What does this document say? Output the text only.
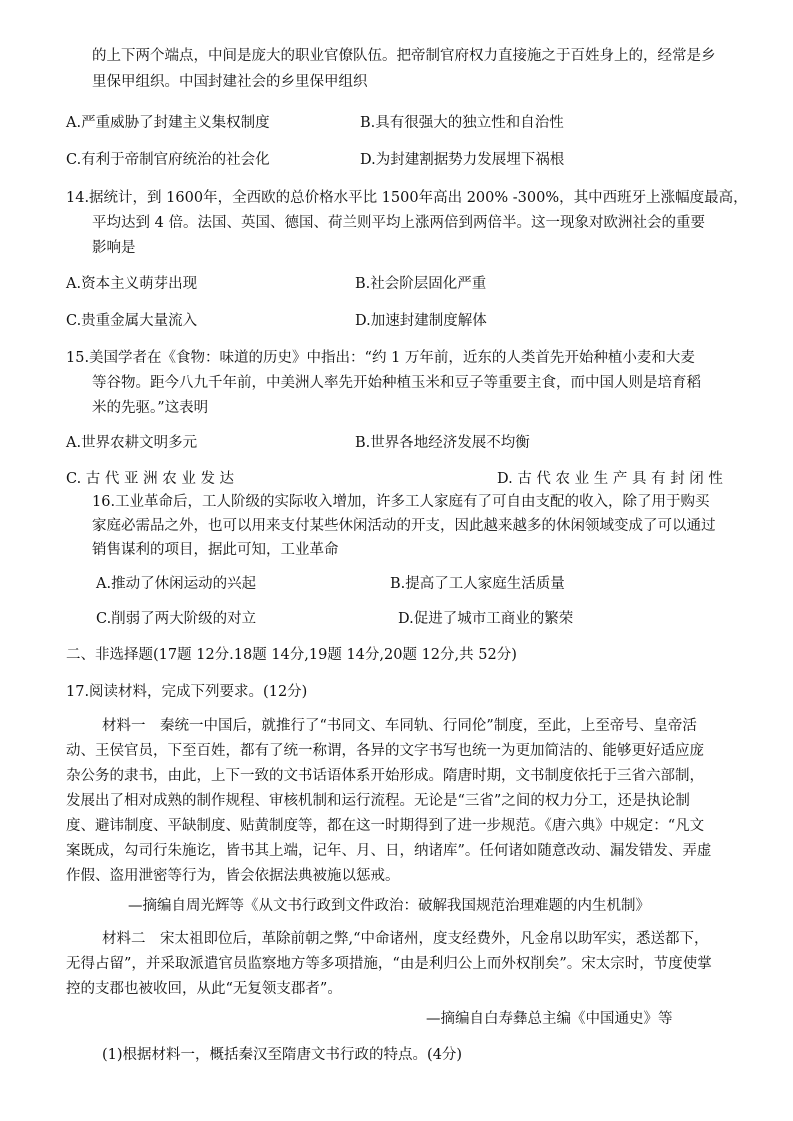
的上下两个端点，中间是庞大的职业官僚队伍。把帝制官府权力直接施之于百姓身上的，经常是乡
里保甲组织。中国封建社会的乡里保甲组织
A.严重威胁了封建主义集权制度	B.具有很强大的独立性和自治性
C.有利于帝制官府统治的社会化	D.为封建割据势力发展埋下祸根
14.据统计，到 1600年，全西欧的总价格水平比 1500年高出 200% -300%，其中西班牙上涨幅度最高，
平均达到 4 倍。法国、英国、德国、荷兰则平均上涨两倍到两倍半。这一现象对欧洲社会的重要
影响是
A.资本主义萌芽出现	B.社会阶层固化严重
C.贵重金属大量流入	D.加速封建制度解体
15.美国学者在《食物：味道的历史》中指出：“约 1 万年前，近东的人类首先开始种植小麦和大麦
等谷物。距今八九千年前，中美洲人率先开始种植玉米和豆子等重要主食，而中国人则是培育稻
米的先驱。”这表明
A.世界农耕文明多元	B.世界各地经济发展不均衡
C. 古 代 亚 洲 农 业 发 达	D. 古 代 农 业 生 产 具 有 封 闭 性
16.工业革命后，工人阶级的实际收入增加，许多工人家庭有了可自由支配的收入，除了用于购买
家庭必需品之外，也可以用来支付某些休闲活动的开支，因此越来越多的休闲领域变成了可以通过
销售谋利的项目，据此可知，工业革命
A.推动了休闲运动的兴起	B.提高了工人家庭生活质量
C.削弱了两大阶级的对立	D.促进了城市工商业的繁荣
二、非选择题(17题 12分.18题 14分,19题 14分,20题 12分,共 52分)
17.阅读材料，完成下列要求。(12分)
材料一　秦统一中国后，就推行了“书同文、车同轨、行同伦”制度，至此，上至帝号、皇帝活
动、王侯官员，下至百姓，都有了统一称谓，各异的文字书写也统一为更加简洁的、能够更好适应庞
杂公务的隶书，由此，上下一致的文书话语体系开始形成。隋唐时期，文书制度依托于三省六部制，
发展出了相对成熟的制作规程、审核机制和运行流程。无论是“三省”之间的权力分工，还是执论制
度、避讳制度、平缺制度、贴黄制度等，都在这一时期得到了进一步规范。《唐六典》中规定：“凡文
案既成，勾司行朱施讫，皆书其上端，记年、月、日，纳诸库”。任何诸如随意改动、漏发错发、弄虚
作假、盗用泄密等行为，皆会依据法典被施以惩戒。
—摘编自周光辉等《从文书行政到文件政治：破解我国规范治理难题的内生机制》
材料二　宋太祖即位后，革除前朝之弊,“中命诸州，度支经费外，凡金帛以助军实，悉送都下，
无得占留”，并采取派遣官员监察地方等多项措施，“由是利归公上而外权削矣”。宋太宗时，节度使掌
控的支郡也被收回，从此“无复领支郡者”。
—摘编自白寿彝总主编《中国通史》等
(1)根据材料一，概括秦汉至隋唐文书行政的特点。(4分)
